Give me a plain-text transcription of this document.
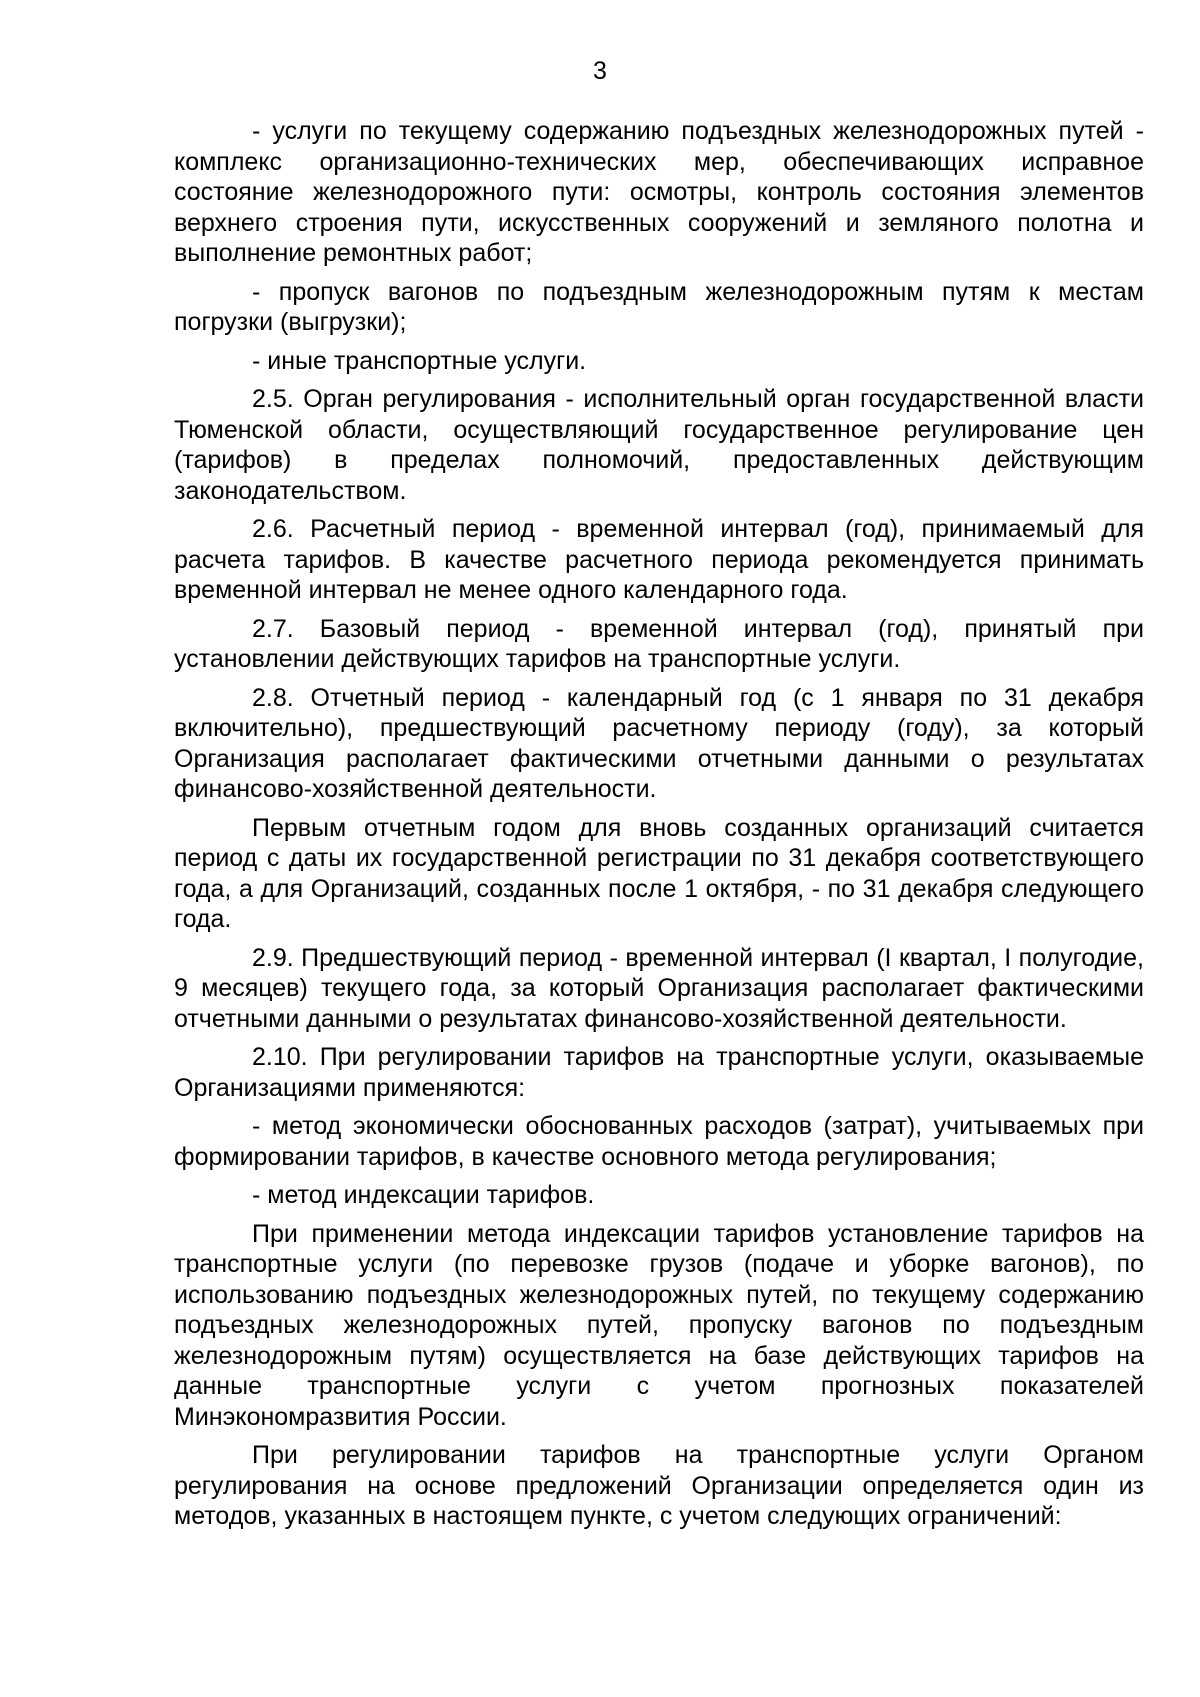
3

- услуги по текущему содержанию подъездных железнодорожных путей - комплекс организационно-технических мер, обеспечивающих исправное состояние железнодорожного пути: осмотры, контроль состояния элементов верхнего строения пути, искусственных сооружений и земляного полотна и выполнение ремонтных работ;

- пропуск вагонов по подъездным железнодорожным путям к местам погрузки (выгрузки);

- иные транспортные услуги.

2.5. Орган регулирования - исполнительный орган государственной власти Тюменской области, осуществляющий государственное регулирование цен (тарифов) в пределах полномочий, предоставленных действующим законодательством.

2.6. Расчетный период - временной интервал (год), принимаемый для расчета тарифов. В качестве расчетного периода рекомендуется принимать временной интервал не менее одного календарного года.

2.7. Базовый период - временной интервал (год), принятый при установлении действующих тарифов на транспортные услуги.

2.8. Отчетный период - календарный год (с 1 января по 31 декабря включительно), предшествующий расчетному периоду (году), за который Организация располагает фактическими отчетными данными о результатах финансово-хозяйственной деятельности.

Первым отчетным годом для вновь созданных организаций считается период с даты их государственной регистрации по 31 декабря соответствующего года, а для Организаций, созданных после 1 октября, - по 31 декабря следующего года.

2.9. Предшествующий период - временной интервал (I квартал, I полугодие, 9 месяцев) текущего года, за который Организация располагает фактическими отчетными данными о результатах финансово-хозяйственной деятельности.

2.10. При регулировании тарифов на транспортные услуги, оказываемые Организациями применяются:

- метод экономически обоснованных расходов (затрат), учитываемых при формировании тарифов, в качестве основного метода регулирования;

- метод индексации тарифов.

При применении метода индексации тарифов установление тарифов на транспортные услуги (по перевозке грузов (подаче и уборке вагонов), по использованию подъездных железнодорожных путей, по текущему содержанию подъездных железнодорожных путей, пропуску вагонов по подъездным железнодорожным путям) осуществляется на базе действующих тарифов на данные транспортные услуги с учетом прогнозных показателей Минэкономразвития России.

При регулировании тарифов на транспортные услуги Органом регулирования на основе предложений Организации определяется один из методов, указанных в настоящем пункте, с учетом следующих ограничений:
